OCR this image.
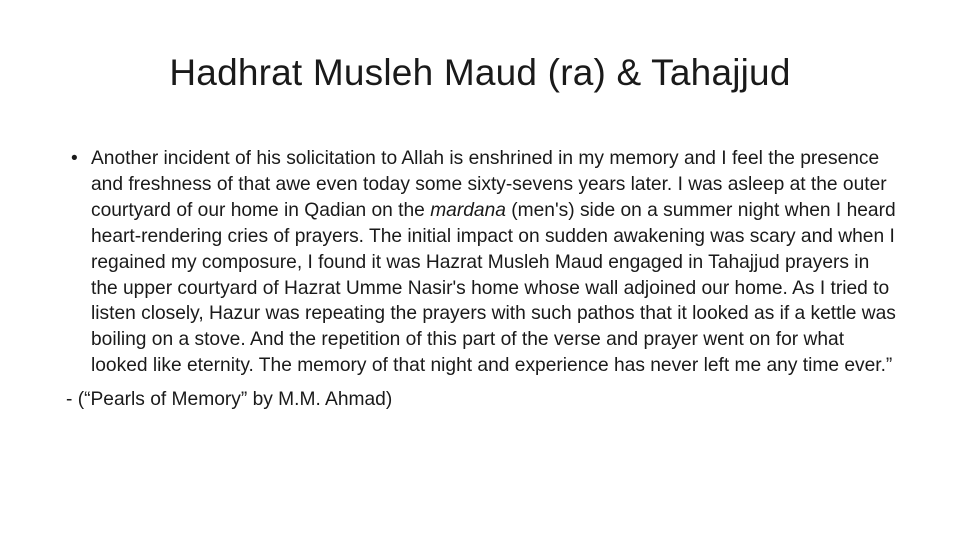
Hadhrat Musleh Maud (ra) & Tahajjud

• Another incident of his solicitation to Allah is enshrined in my memory and I feel the presence and freshness of that awe even today some sixty-sevens years later. I was asleep at the outer courtyard of our home in Qadian on the mardana (men's) side on a summer night when I heard heart-rendering cries of prayers. The initial impact on sudden awakening was scary and when I regained my composure, I found it was Hazrat Musleh Maud engaged in Tahajjud prayers in the upper courtyard of Hazrat Umme Nasir's home whose wall adjoined our home. As I tried to listen closely, Hazur was repeating the prayers with such pathos that it looked as if a kettle was boiling on a stove. And the repetition of this part of the verse and prayer went on for what looked like eternity. The memory of that night and experience has never left me any time ever.”

- (“Pearls of Memory” by M.M. Ahmad)
